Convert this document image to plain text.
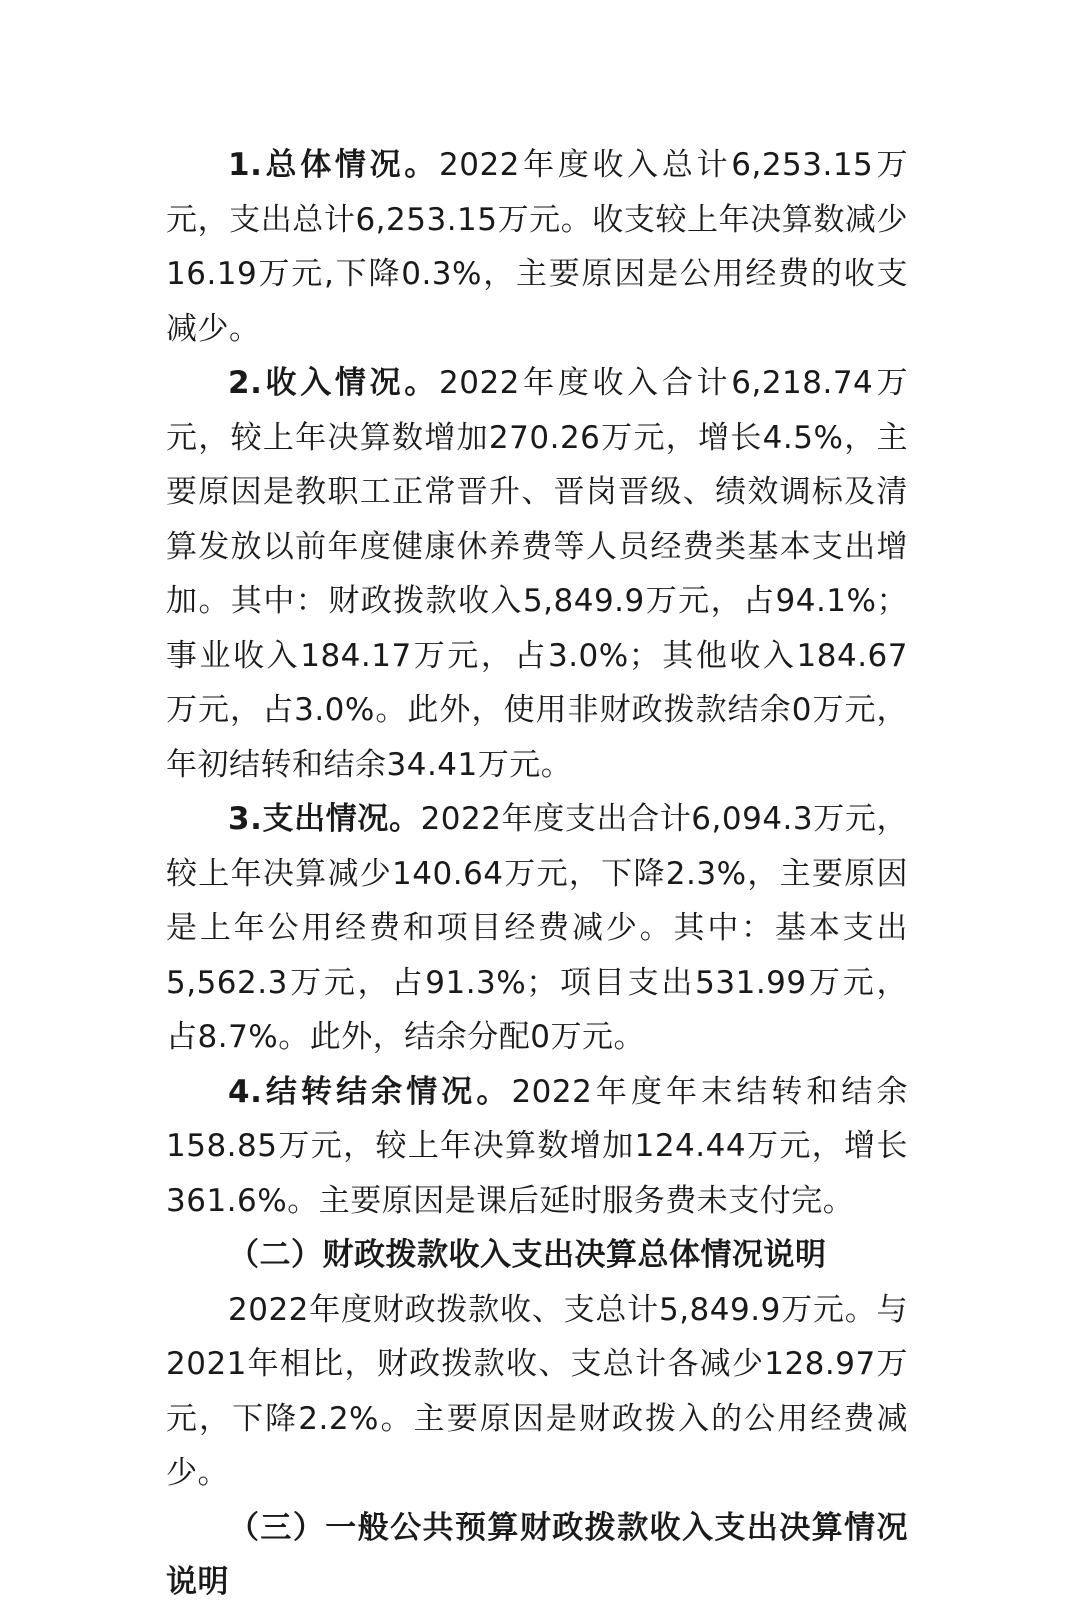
1.总体情况。2022年度收入总计6,253.15万元，支出总计6,253.15万元。收支较上年决算数减少16.19万元,下降0.3%，主要原因是公用经费的收支减少。

2.收入情况。2022年度收入合计6,218.74万元，较上年决算数增加270.26万元，增长4.5%，主要原因是教职工正常晋升、晋岗晋级、绩效调标及清算发放以前年度健康休养费等人员经费类基本支出增加。其中：财政拨款收入5,849.9万元，占94.1%；事业收入184.17万元，占3.0%；其他收入184.67万元，占3.0%。此外，使用非财政拨款结余0万元，年初结转和结余34.41万元。

3.支出情况。2022年度支出合计6,094.3万元，较上年决算减少140.64万元，下降2.3%，主要原因是上年公用经费和项目经费减少。其中：基本支出5,562.3万元，占91.3%；项目支出531.99万元，占8.7%。此外，结余分配0万元。

4.结转结余情况。2022年度年末结转和结余158.85万元，较上年决算数增加124.44万元，增长361.6%。主要原因是课后延时服务费未支付完。

（二）财政拨款收入支出决算总体情况说明

2022年度财政拨款收、支总计5,849.9万元。与2021年相比，财政拨款收、支总计各减少128.97万元，下降2.2%。主要原因是财政拨入的公用经费减少。

（三）一般公共预算财政拨款收入支出决算情况说明
